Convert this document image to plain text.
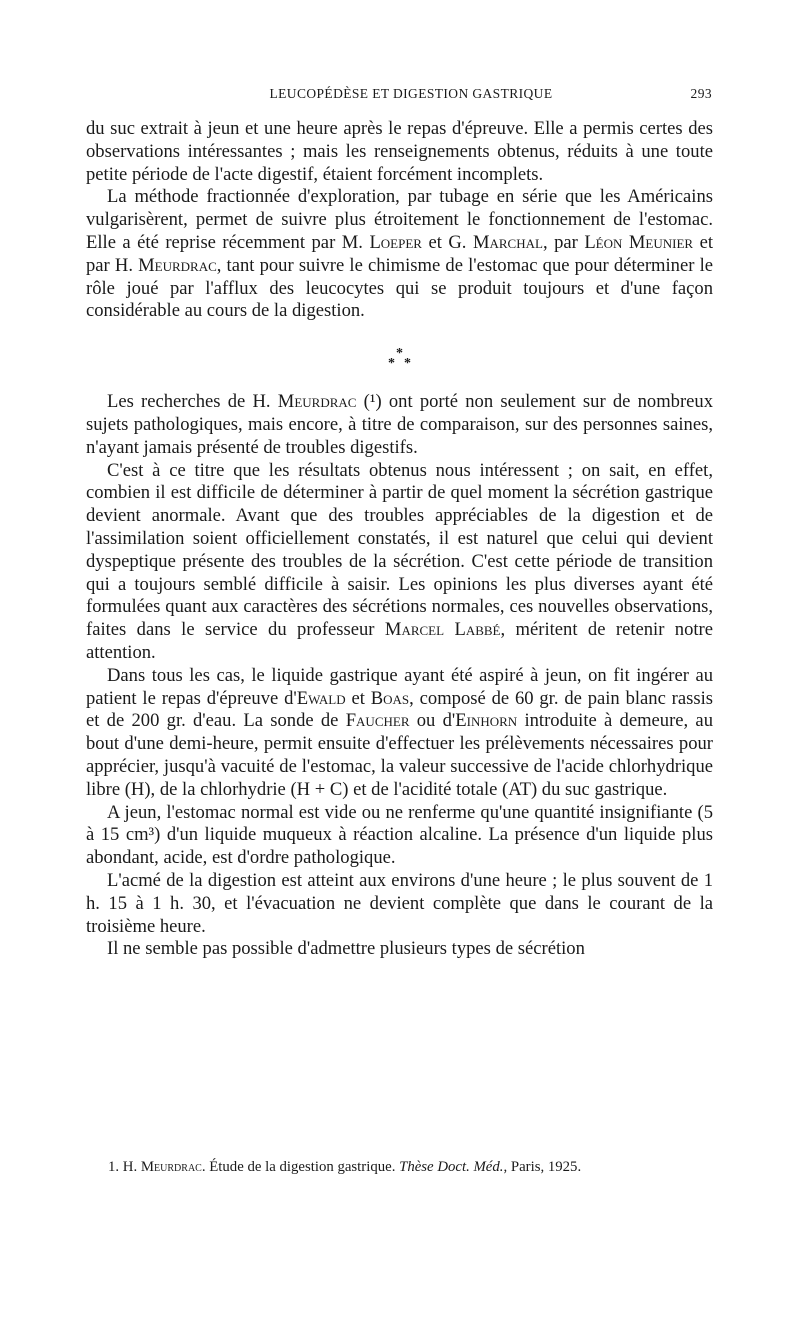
LEUCOPÉDÈSE ET DIGESTION GASTRIQUE	293

du suc extrait à jeun et une heure après le repas d'épreuve. Elle a permis certes des observations intéressantes ; mais les renseignements obtenus, réduits à une toute petite période de l'acte digestif, étaient forcément incomplets.

La méthode fractionnée d'exploration, par tubage en série que les Américains vulgarisèrent, permet de suivre plus étroitement le fonctionnement de l'estomac. Elle a été reprise récemment par M. Loeper et G. Marchal, par Léon Meunier et par H. Meurdrac, tant pour suivre le chimisme de l'estomac que pour déterminer le rôle joué par l'afflux des leucocytes qui se produit toujours et d'une façon considérable au cours de la digestion.

*
* *

Les recherches de H. Meurdrac (¹) ont porté non seulement sur de nombreux sujets pathologiques, mais encore, à titre de comparaison, sur des personnes saines, n'ayant jamais présenté de troubles digestifs.

C'est à ce titre que les résultats obtenus nous intéressent ; on sait, en effet, combien il est difficile de déterminer à partir de quel moment la sécrétion gastrique devient anormale. Avant que des troubles appréciables de la digestion et de l'assimilation soient officiellement constatés, il est naturel que celui qui devient dyspeptique présente des troubles de la sécrétion. C'est cette période de transition qui a toujours semblé difficile à saisir. Les opinions les plus diverses ayant été formulées quant aux caractères des sécrétions normales, ces nouvelles observations, faites dans le service du professeur Marcel Labbé, méritent de retenir notre attention.

Dans tous les cas, le liquide gastrique ayant été aspiré à jeun, on fit ingérer au patient le repas d'épreuve d'Ewald et Boas, composé de 60 gr. de pain blanc rassis et de 200 gr. d'eau. La sonde de Faucher ou d'Einhorn introduite à demeure, au bout d'une demi-heure, permit ensuite d'effectuer les prélèvements nécessaires pour apprécier, jusqu'à vacuité de l'estomac, la valeur successive de l'acide chlorhydrique libre (H), de la chlorhydrie (H + C) et de l'acidité totale (AT) du suc gastrique.

A jeun, l'estomac normal est vide ou ne renferme qu'une quantité insignifiante (5 à 15 cm³) d'un liquide muqueux à réaction alcaline. La présence d'un liquide plus abondant, acide, est d'ordre pathologique.

L'acmé de la digestion est atteint aux environs d'une heure ; le plus souvent de 1 h. 15 à 1 h. 30, et l'évacuation ne devient complète que dans le courant de la troisième heure.

Il ne semble pas possible d'admettre plusieurs types de sécrétion

1. H. Meurdrac. Étude de la digestion gastrique. Thèse Doct. Méd., Paris, 1925.
